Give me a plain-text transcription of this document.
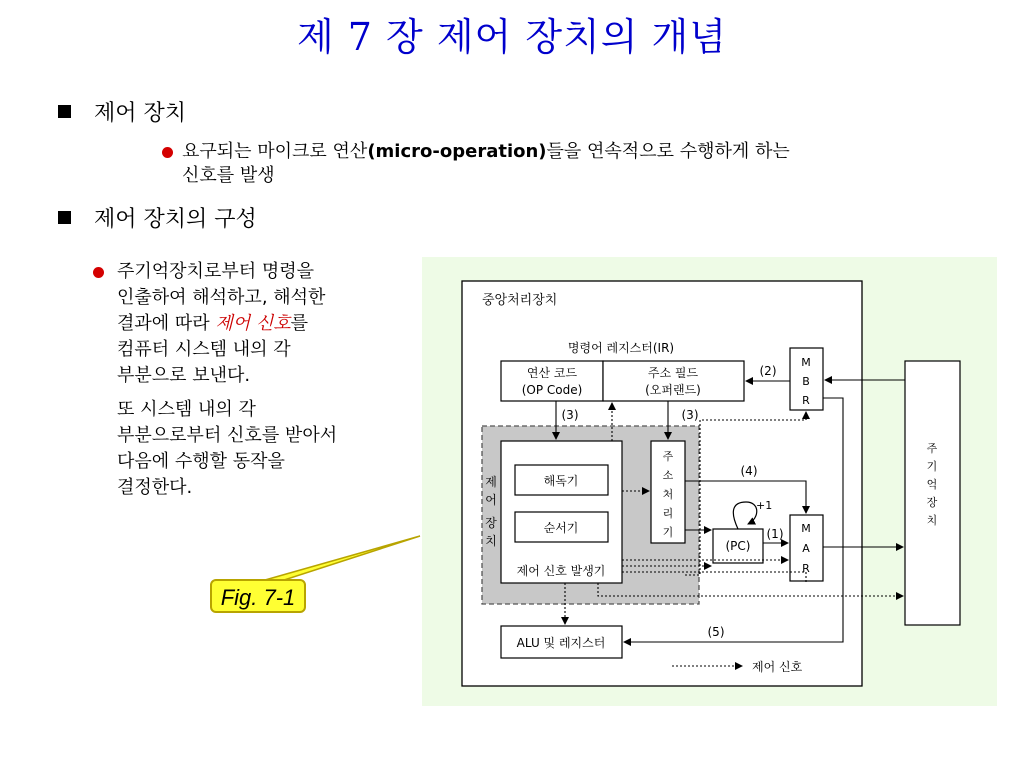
제 7 장 제어 장치의 개념
제어 장치
요구되는 마이크로 연산(micro-operation)들을 연속적으로 수행하게 하는
신호를 발생
제어 장치의 구성
주기억장치로부터 명령을
인출하여 해석하고, 해석한
결과에 따라 제어 신호를
컴퓨터 시스템 내의 각
부분으로 보낸다.
또 시스템 내의 각
부분으로부터 신호를 받아서
다음에 수행할 동작을
결정한다.
Fig. 7-1
중앙처리장치
명령어 레지스터(IR)
연산 코드
(OP Code)
주소 필드
(오퍼랜드)
M
B
R
제
어
장
치
해독기
순서기
제어 신호 발생기
주
소
처
리
기
(PC)
+1
M
A
R
ALU 및 레지스터
주
기
억
장
치
(2)
(3)	(3)
(4)
(1)
(5)
제어 신호
